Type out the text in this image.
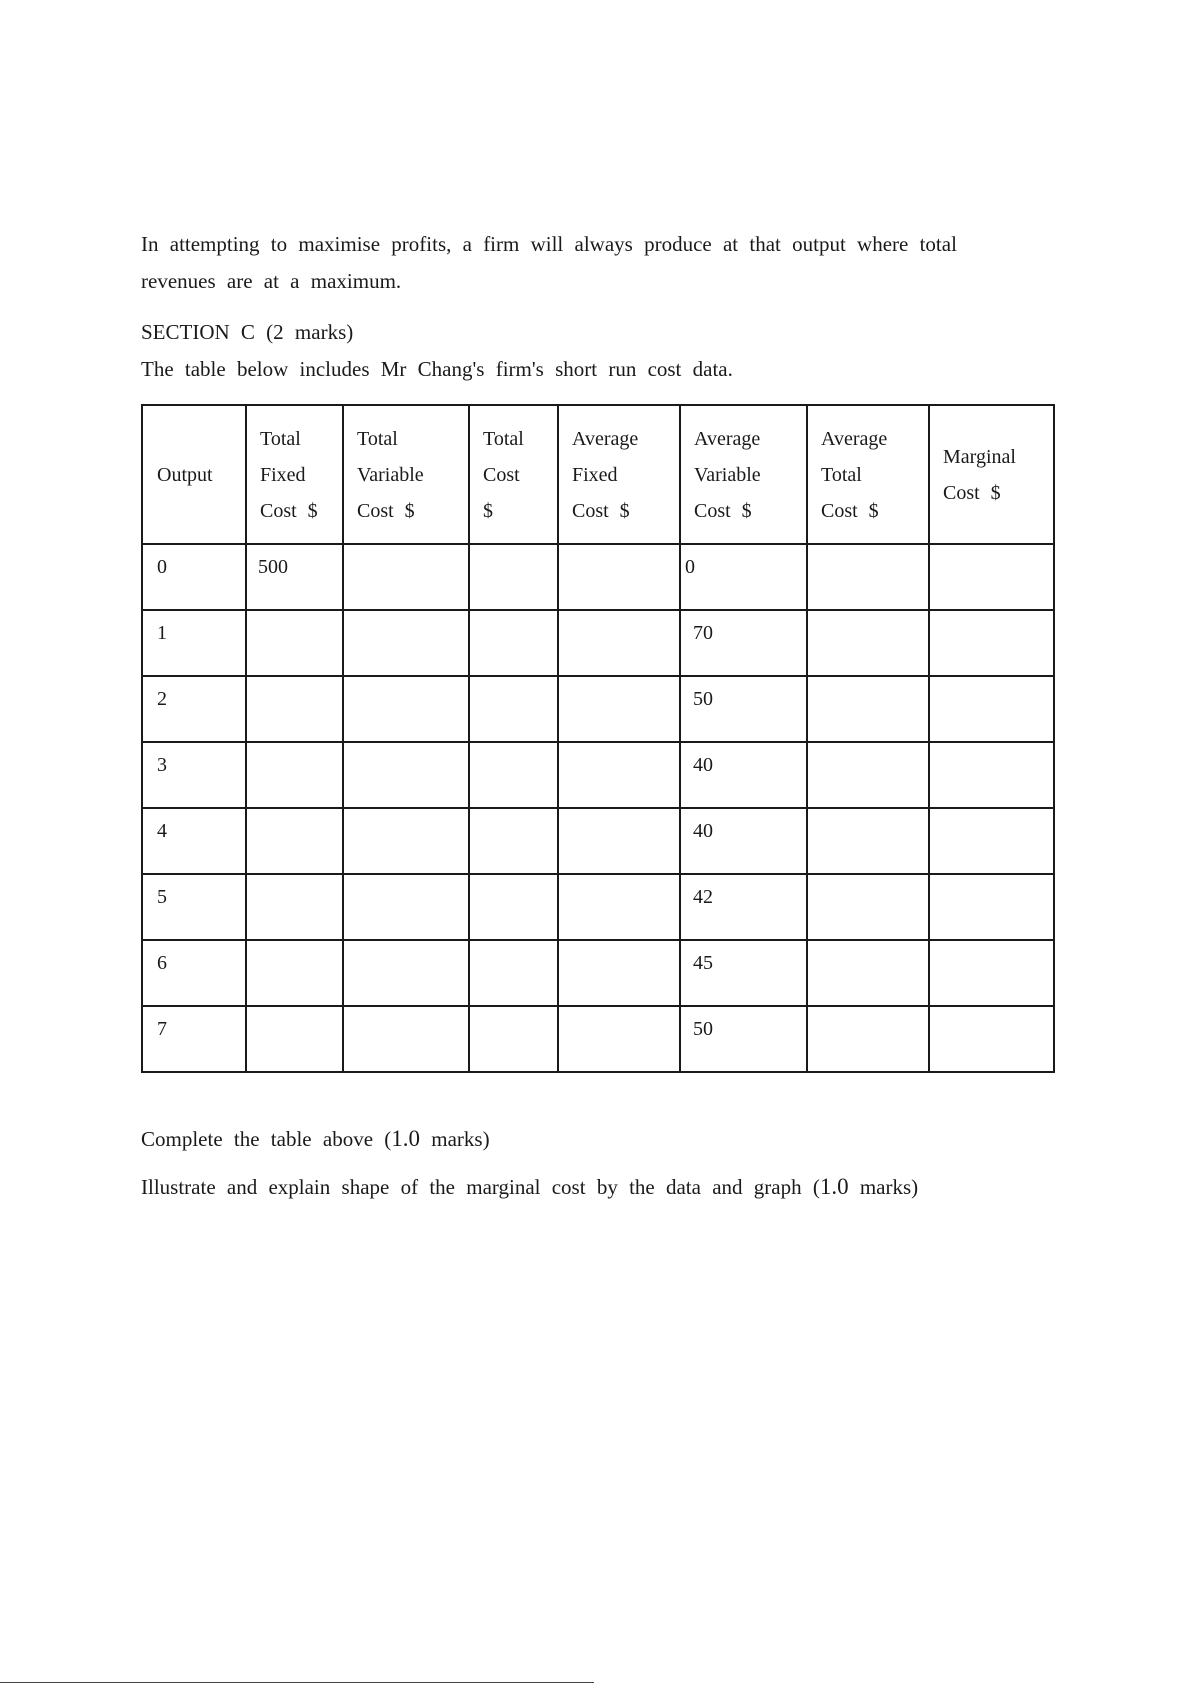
In attempting to maximise profits, a firm will always produce at that output where total revenues are at a maximum.

SECTION C (2 marks)

The table below includes Mr Chang's firm's short run cost data.

Output	Total
Fixed
Cost $	Total
Variable
Cost $	Total
Cost
$	Average
Fixed
Cost $	Average
Variable
Cost $	Average
Total
Cost $	Marginal
Cost $

0	500				0		

1					70		

2					50		

3					40		

4					40		

5					42		

6					45		

7					50		

Complete the table above (1.0 marks)

Illustrate and explain shape of the marginal cost by the data and graph (1.0 marks)
